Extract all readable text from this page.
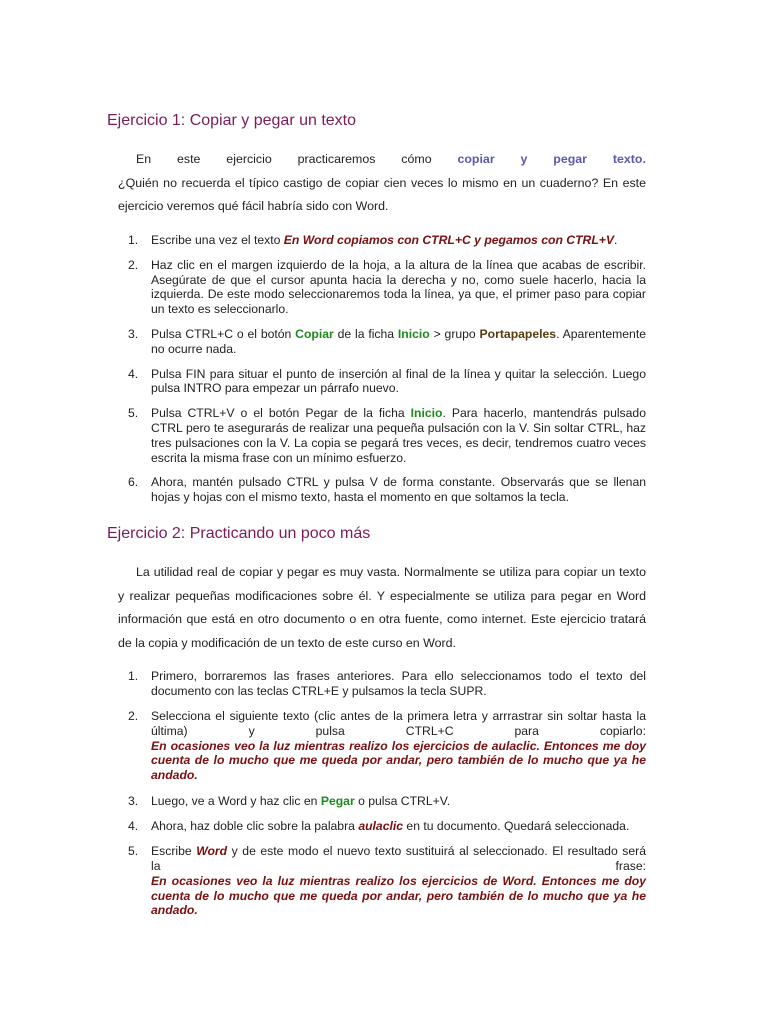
Ejercicio 1: Copiar y pegar un texto
En este ejercicio practicaremos cómo copiar y pegar texto.
¿Quién no recuerda el típico castigo de copiar cien veces lo mismo en un cuaderno? En este ejercicio veremos qué fácil habría sido con Word.
1. Escribe una vez el texto En Word copiamos con CTRL+C y pegamos con CTRL+V.
2. Haz clic en el margen izquierdo de la hoja, a la altura de la línea que acabas de escribir. Asegúrate de que el cursor apunta hacia la derecha y no, como suele hacerlo, hacia la izquierda. De este modo seleccionaremos toda la línea, ya que, el primer paso para copiar un texto es seleccionarlo.
3. Pulsa CTRL+C o el botón Copiar de la ficha Inicio > grupo Portapapeles. Aparentemente no ocurre nada.
4. Pulsa FIN para situar el punto de inserción al final de la línea y quitar la selección. Luego pulsa INTRO para empezar un párrafo nuevo.
5. Pulsa CTRL+V o el botón Pegar de la ficha Inicio. Para hacerlo, mantendrás pulsado CTRL pero te asegurarás de realizar una pequeña pulsación con la V. Sin soltar CTRL, haz tres pulsaciones con la V. La copia se pegará tres veces, es decir, tendremos cuatro veces escrita la misma frase con un mínimo esfuerzo.
6. Ahora, mantén pulsado CTRL y pulsa V de forma constante. Observarás que se llenan hojas y hojas con el mismo texto, hasta el momento en que soltamos la tecla.
Ejercicio 2: Practicando un poco más
La utilidad real de copiar y pegar es muy vasta. Normalmente se utiliza para copiar un texto y realizar pequeñas modificaciones sobre él. Y especialmente se utiliza para pegar en Word información que está en otro documento o en otra fuente, como internet. Este ejercicio tratará de la copia y modificación de un texto de este curso en Word.
1. Primero, borraremos las frases anteriores. Para ello seleccionamos todo el texto del documento con las teclas CTRL+E y pulsamos la tecla SUPR.
2. Selecciona el siguiente texto (clic antes de la primera letra y arrrastrar sin soltar hasta la
última)	y	pulsa	CTRL+C	para	copiarlo:
En ocasiones veo la luz mientras realizo los ejercicios de aulaclic. Entonces me doy cuenta de lo mucho que me queda por andar, pero también de lo mucho que ya he andado.
3. Luego, ve a Word y haz clic en Pegar o pulsa CTRL+V.
4. Ahora, haz doble clic sobre la palabra aulaclic en tu documento. Quedará seleccionada.
5. Escribe Word y de este modo el nuevo texto sustituirá al seleccionado. El resultado será
la	frase:
En ocasiones veo la luz mientras realizo los ejercicios de Word. Entonces me doy cuenta de lo mucho que me queda por andar, pero también de lo mucho que ya he andado.
